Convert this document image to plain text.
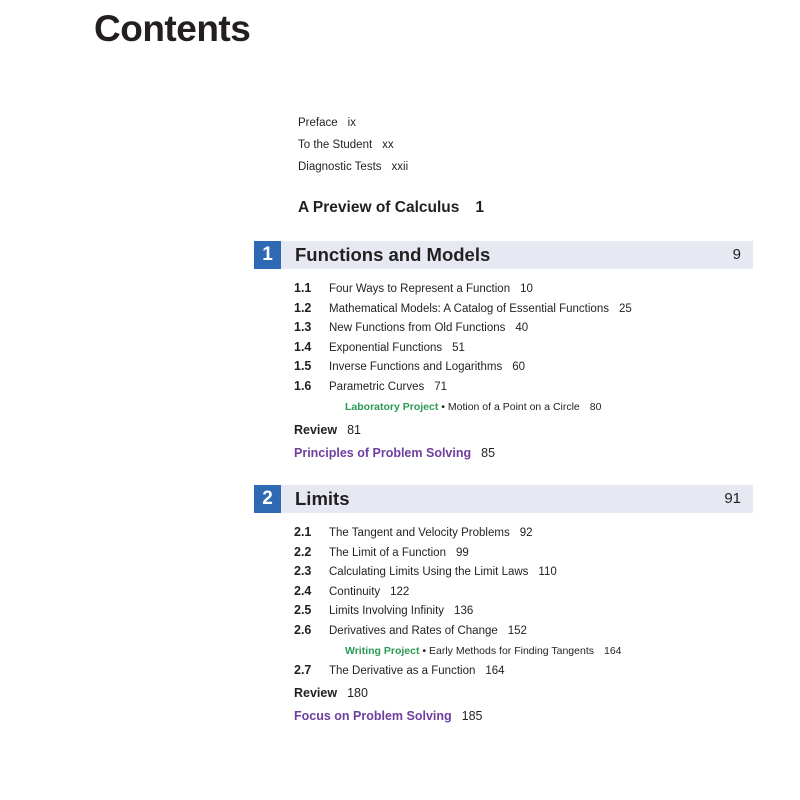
Contents
Preface ix
To the Student xx
Diagnostic Tests xxii
A Preview of Calculus 1
1	Functions and Models	9
1.1 Four Ways to Represent a Function 10
1.2 Mathematical Models: A Catalog of Essential Functions 25
1.3 New Functions from Old Functions 40
1.4 Exponential Functions 51
1.5 Inverse Functions and Logarithms 60
1.6 Parametric Curves 71
Laboratory Project • Motion of a Point on a Circle 80
Review 81
Principles of Problem Solving 85
2	Limits	91
2.1 The Tangent and Velocity Problems 92
2.2 The Limit of a Function 99
2.3 Calculating Limits Using the Limit Laws 110
2.4 Continuity 122
2.5 Limits Involving Infinity 136
2.6 Derivatives and Rates of Change 152
Writing Project • Early Methods for Finding Tangents 164
2.7 The Derivative as a Function 164
Review 180
Focus on Problem Solving 185
